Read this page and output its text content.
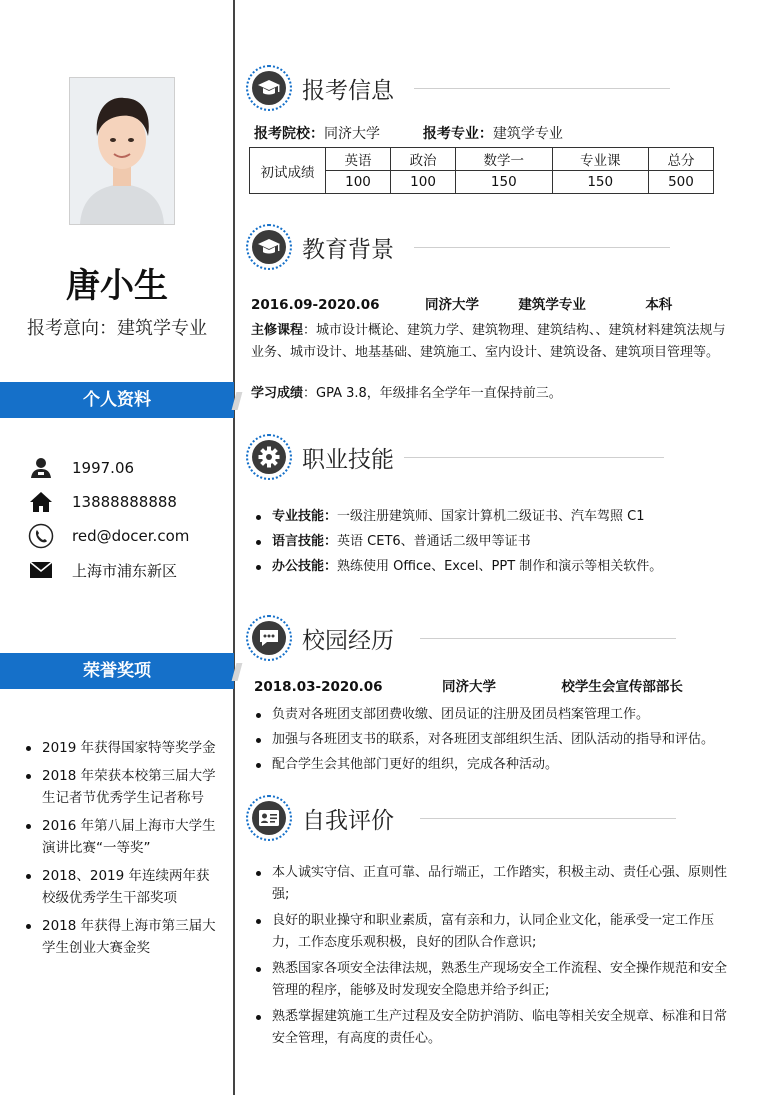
唐小生
报考意向：建筑学专业
个人资料
1997.06
13888888888
red@docer.com
上海市浦东新区
荣誉奖项
2019 年获得国家特等奖学金
2018 年荣获本校第三届大学生记者节优秀学生记者称号
2016 年第八届上海市大学生演讲比赛“一等奖”
2018、2019 年连续两年获校级优秀学生干部奖项
2018 年获得上海市第三届大学生创业大赛金奖
报考信息
报考院校：同济大学	报考专业：建筑学专业
初试成绩	英语	政治	数学一	专业课	总分
	100	100	150	150	500
教育背景
2016.09-2020.06	同济大学	建筑学专业	本科
主修课程：城市设计概论、建筑力学、建筑物理、建筑结构、、建筑材料建筑法规与业务、城市设计、地基基础、建筑施工、室内设计、建筑设备、建筑项目管理等。
学习成绩：GPA 3.8，年级排名全学年一直保持前三。
职业技能
专业技能：一级注册建筑师、国家计算机二级证书、汽车驾照 C1
语言技能：英语 CET6、普通话二级甲等证书
办公技能：熟练使用 Office、Excel、PPT 制作和演示等相关软件。
校园经历
2018.03-2020.06	同济大学	校学生会宣传部部长
负责对各班团支部团费收缴、团员证的注册及团员档案管理工作。
加强与各班团支书的联系，对各班团支部组织生活、团队活动的指导和评估。
配合学生会其他部门更好的组织，完成各种活动。
自我评价
本人诚实守信、正直可靠、品行端正，工作踏实，积极主动、责任心强、原则性强;
良好的职业操守和职业素质，富有亲和力，认同企业文化，能承受一定工作压力，工作态度乐观积极，良好的团队合作意识;
熟悉国家各项安全法律法规，熟悉生产现场安全工作流程、安全操作规范和安全管理的程序，能够及时发现安全隐患并给予纠正;
熟悉掌握建筑施工生产过程及安全防护消防、临电等相关安全规章、标准和日常安全管理，有高度的责任心。
